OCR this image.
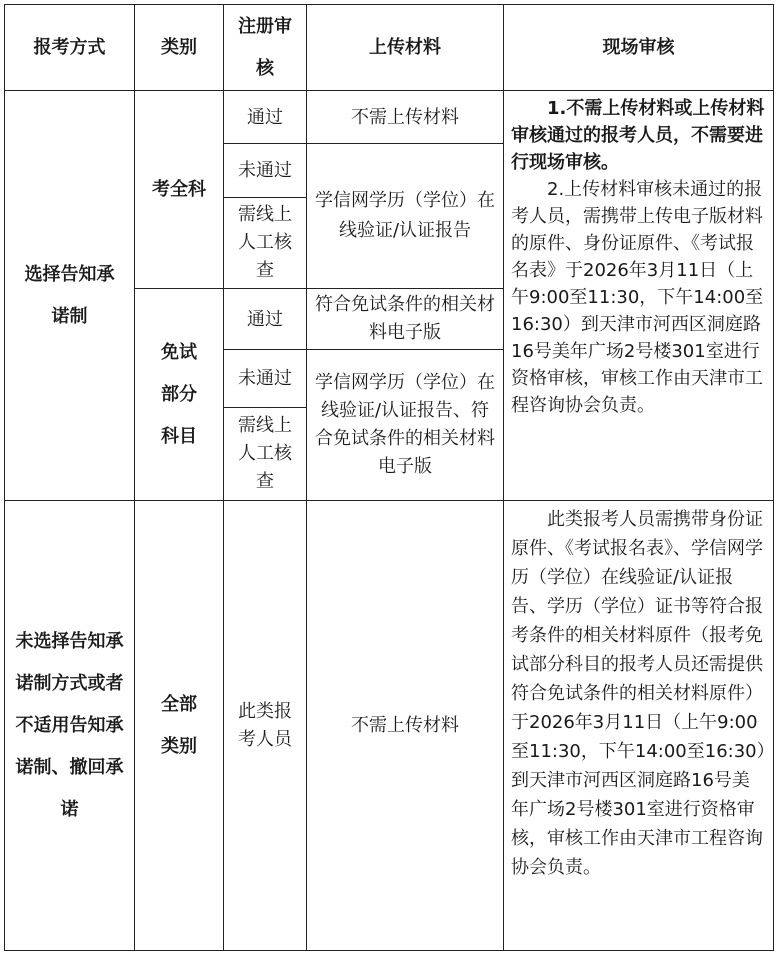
报考方式	类别	注册审核	上传材料	现场审核
选择告知承诺制	考全科	通过	不需上传材料	1.不需上传材料或上传材料审核通过的报考人员，不需要进行现场审核。

2.上传材料审核未通过的报考人员，需携带上传电子版材料的原件、身份证原件、《考试报名表》于2026年3月11日（上午9:00至11:30，下午14:00至16:30）到天津市河西区洞庭路16号美年广场2号楼301室进行资格审核，审核工作由天津市工程咨询协会负责。

		未通过	学信网学历（学位）在线验证/认证报告	
		需线上人工核查		
	免试部分科目	通过	符合免试条件的相关材料电子版	
		未通过	学信网学历（学位）在线验证/认证报告、符合免试条件的相关材料电子版	
		需线上人工核查		
未选择告知承诺制方式或者不适用告知承诺制、撤回承诺	全部类别	此类报考人员	不需上传材料	此类报考人员需携带身份证原件、《考试报名表》、学信网学历（学位）在线验证/认证报告、学历（学位）证书等符合报考条件的相关材料原件（报考免试部分科目的报考人员还需提供符合免试条件的相关材料原件）于2026年3月11日（上午9:00至11:30，下午14:00至16:30）到天津市河西区洞庭路16号美年广场2号楼301室进行资格审核，审核工作由天津市工程咨询协会负责。
